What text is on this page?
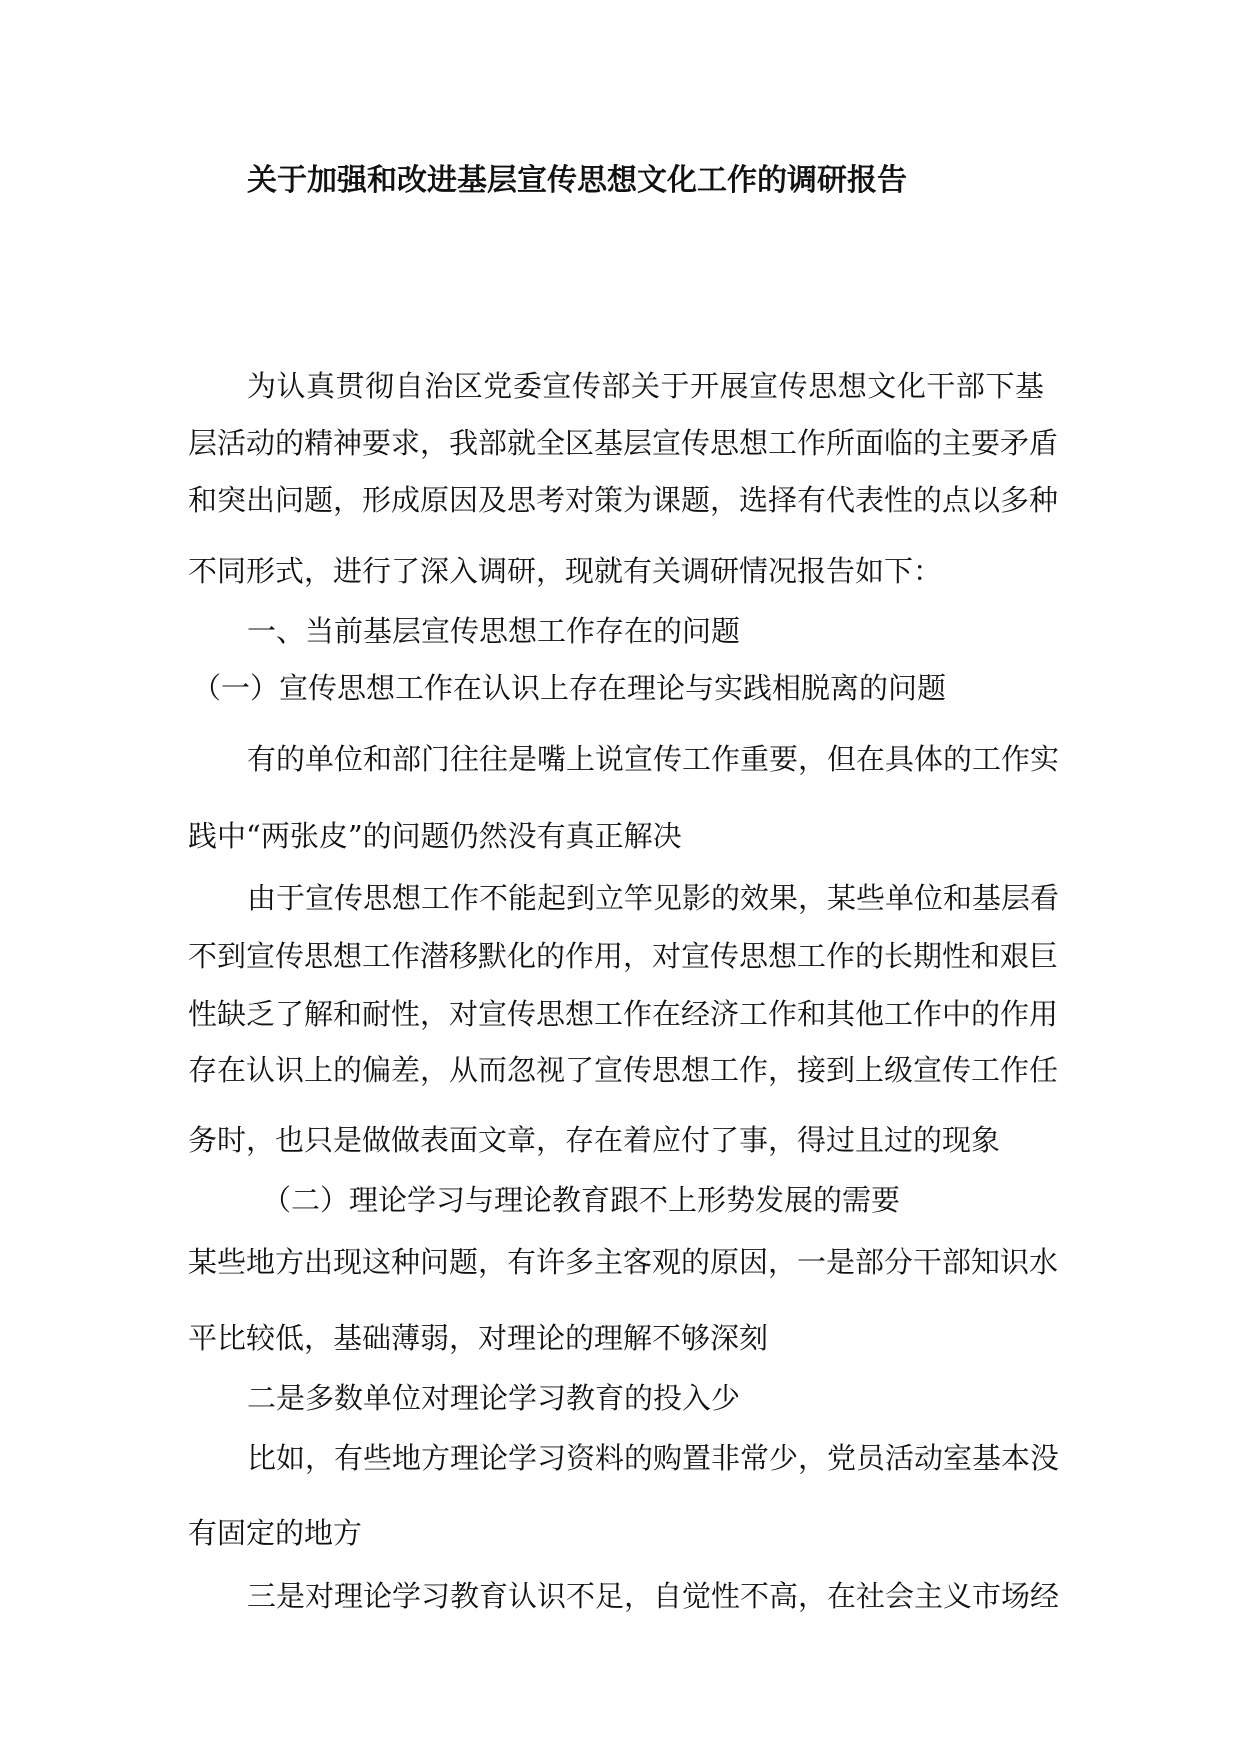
关于加强和改进基层宣传思想文化工作的调研报告
为认真贯彻自治区党委宣传部关于开展宣传思想文化干部下基
层活动的精神要求，我部就全区基层宣传思想工作所面临的主要矛盾
和突出问题，形成原因及思考对策为课题，选择有代表性的点以多种
不同形式，进行了深入调研，现就有关调研情况报告如下：
一、当前基层宣传思想工作存在的问题
（一）宣传思想工作在认识上存在理论与实践相脱离的问题
有的单位和部门往往是嘴上说宣传工作重要，但在具体的工作实
践中“两张皮”的问题仍然没有真正解决
由于宣传思想工作不能起到立竿见影的效果，某些单位和基层看
不到宣传思想工作潜移默化的作用，对宣传思想工作的长期性和艰巨
性缺乏了解和耐性，对宣传思想工作在经济工作和其他工作中的作用
存在认识上的偏差，从而忽视了宣传思想工作，接到上级宣传工作任
务时，也只是做做表面文章，存在着应付了事，得过且过的现象
（二）理论学习与理论教育跟不上形势发展的需要
某些地方出现这种问题，有许多主客观的原因， 一是部分干部知识水
平比较低，基础薄弱，对理论的理解不够深刻
二是多数单位对理论学习教育的投入少
比如，有些地方理论学习资料的购置非常少，党员活动室基本没
有固定的地方
三是对理论学习教育认识不足，自觉性不高，在社会主义市场经
